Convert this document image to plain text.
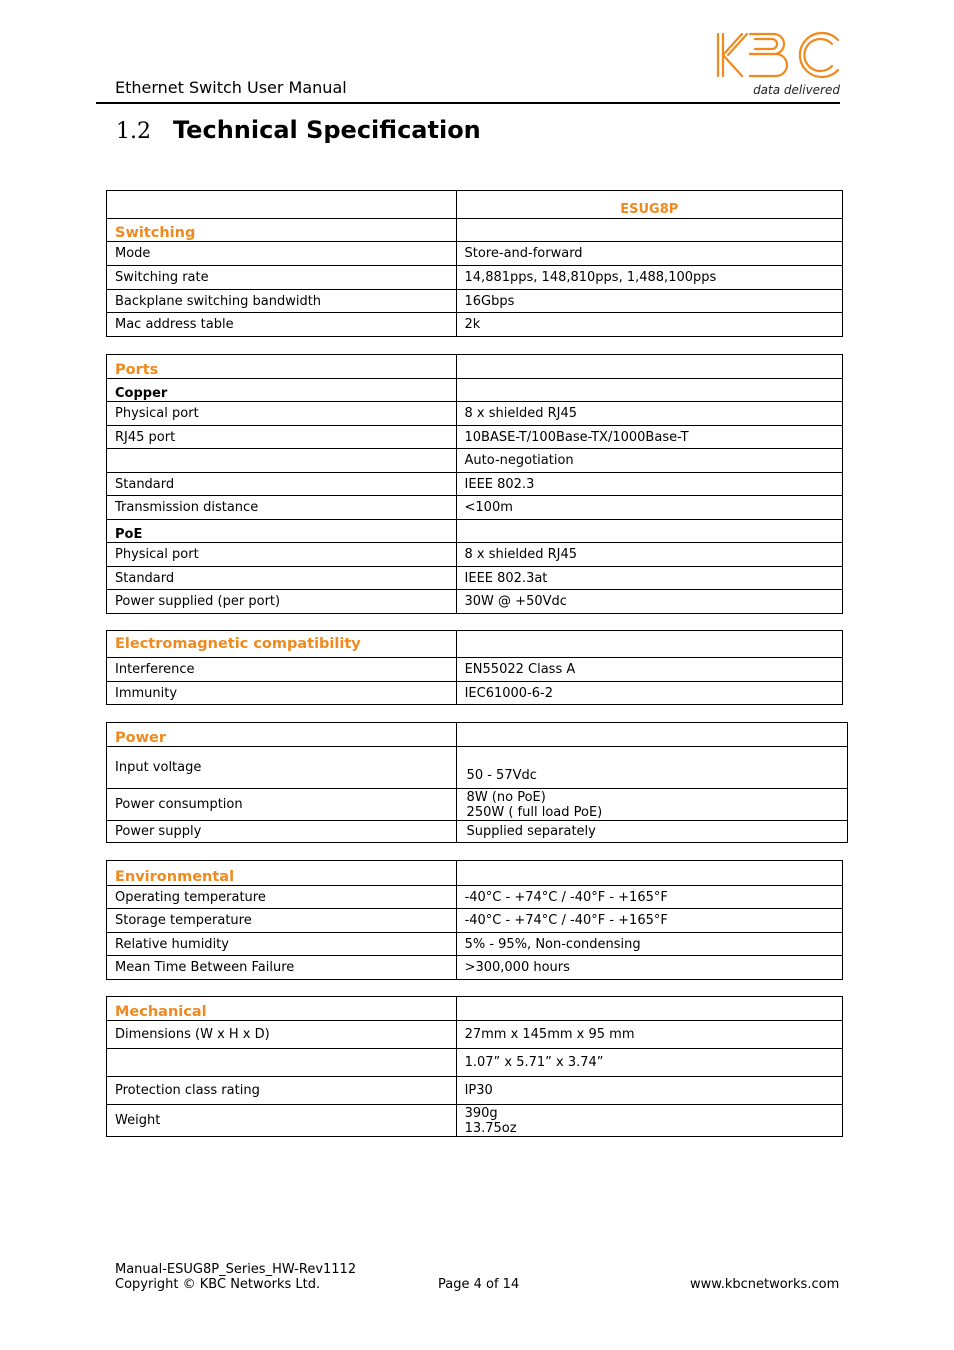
Ethernet Switch User Manual	data delivered
1.2 Technical Specification
	ESUG8P
Switching	
Mode	Store-and-forward
Switching rate	14,881pps, 148,810pps, 1,488,100pps
Backplane switching bandwidth	16Gbps
Mac address table	2k
Ports	
Copper	
Physical port	8 x shielded RJ45
RJ45 port	10BASE-T/100Base-TX/1000Base-T
	Auto-negotiation
Standard	IEEE 802.3
Transmission distance	<100m
PoE	
Physical port	8 x shielded RJ45
Standard	IEEE 802.3at
Power supplied (per port)	30W @ +50Vdc
Electromagnetic compatibility	
Interference	EN55022 Class A
Immunity	IEC61000-6-2
Power	
Input voltage	50 - 57Vdc
Power consumption	8W (no PoE)
250W ( full load PoE)

Power supply	Supplied separately
Environmental	
Operating temperature	-40°C - +74°C / -40°F - +165°F
Storage temperature	-40°C - +74°C / -40°F - +165°F
Relative humidity	5% - 95%, Non-condensing
Mean Time Between Failure	>300,000 hours
Mechanical	
Dimensions (W x H x D)	27mm x 145mm x 95 mm
	1.07” x 5.71” x 3.74”
Protection class rating	IP30
Weight	390g
13.75oz
Manual-ESUG8P_Series_HW-Rev1112
Copyright © KBC Networks Ltd.	Page 4 of 14	www.kbcnetworks.com
